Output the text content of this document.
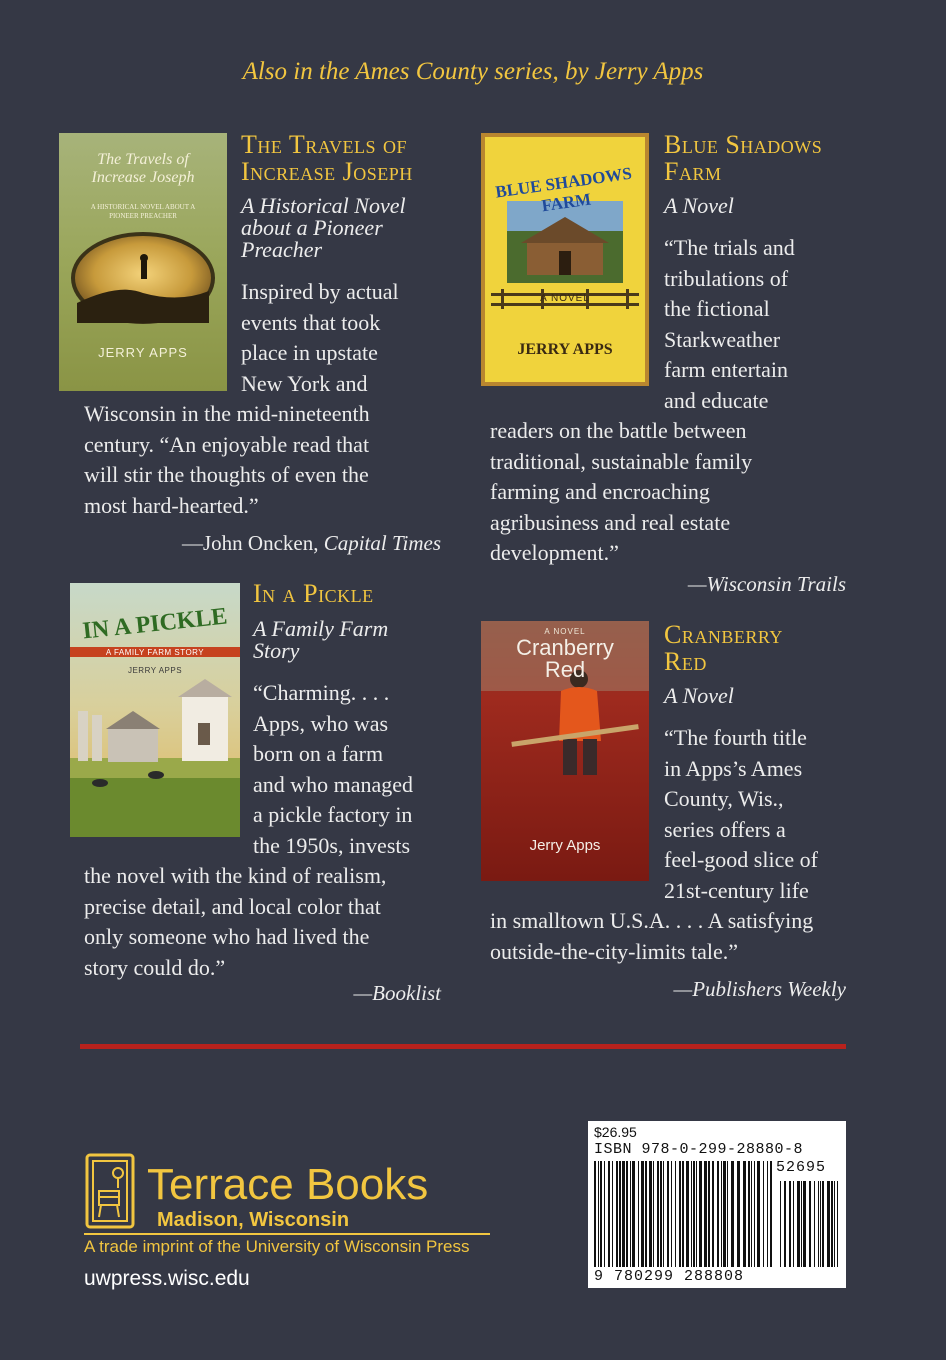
Also in the Ames County series, by Jerry Apps
The Travels of
Increase Joseph
A HISTORICAL NOVEL ABOUT A PIONEER PREACHER
JERRY APPS
The Travels of
Increase Joseph
A Historical Novel
about a Pioneer
Preacher
Inspired by actual
events that took
place in upstate
New York and
Wisconsin in the mid-nineteenth
century. “An enjoyable read that
will stir the thoughts of even the
most hard-hearted.”
—John Oncken, Capital Times
BLUE SHADOWS FARM
A NOVEL
JERRY APPS
Blue Shadows
Farm
A Novel
“The trials and
tribulations of
the fictional
Starkweather
farm entertain
and educate
readers on the battle between
traditional, sustainable family
farming and encroaching
agribusiness and real estate
development.”
—Wisconsin Trails
IN A PICKLE
A FAMILY FARM STORY
JERRY APPS
In a Pickle
A Family Farm
Story
“Charming. . . .
Apps, who was
born on a farm
and who managed
a pickle factory in
the 1950s, invests
the novel with the kind of realism,
precise detail, and local color that
only someone who had lived the
story could do.”
—Booklist
A NOVEL
Cranberry
Red
Jerry Apps
Cranberry
Red
A Novel
“The fourth title
in Apps’s Ames
County, Wis.,
series offers a
feel-good slice of
21st-century life
in smalltown U.S.A. . . . A satisfying
outside-the-city-limits tale.”
—Publishers Weekly
Terrace Books
Madison, Wisconsin
A trade imprint of the University of Wisconsin Press
uwpress.wisc.edu
$26.95
ISBN 978-0-299-28880-8
52695
9 780299 288808
